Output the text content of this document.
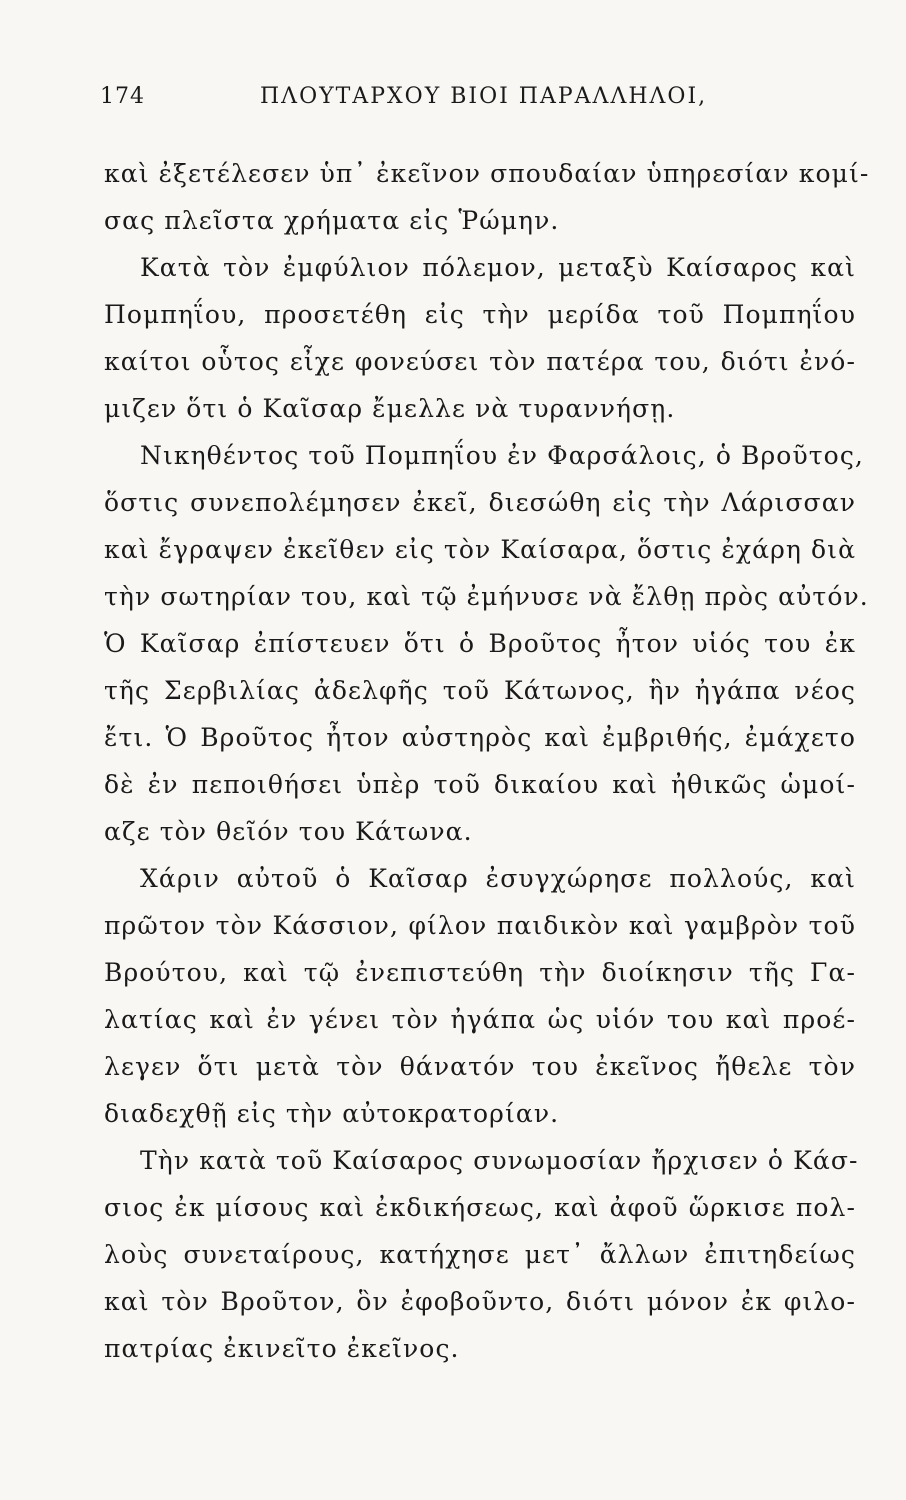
174	ΠΛΟΥΤΑΡΧΟΥ ΒΙΟΙ ΠΑΡΑΛΛΗΛΟΙ,
καὶ ἐξετέλεσεν ὑπ᾽ ἐκεῖνον σπουδαίαν ὑπηρεσίαν κομί-
σας πλεῖστα χρήματα εἰς Ῥώμην.
Κατὰ τὸν ἐμφύλιον πόλεμον, μεταξὺ Καίσαρος καὶ
Πομπηΐου, προσετέθη εἰς τὴν μερίδα τοῦ Πομπηΐου
καίτοι οὗτος εἶχε φονεύσει τὸν πατέρα του, διότι ἐνό-
μιζεν ὅτι ὁ Καῖσαρ ἔμελλε νὰ τυραννήσῃ.
Νικηθέντος τοῦ Πομπηΐου ἐν Φαρσάλοις, ὁ Βροῦτος,
ὅστις συνεπολέμησεν ἐκεῖ, διεσώθη εἰς τὴν Λάρισσαν
καὶ ἔγραψεν ἐκεῖθεν εἰς τὸν Καίσαρα, ὅστις ἐχάρη διὰ
τὴν σωτηρίαν του, καὶ τῷ ἐμήνυσε νὰ ἔλθῃ πρὸς αὐτόν.
Ὁ Καῖσαρ ἐπίστευεν ὅτι ὁ Βροῦτος ἦτον υἱός του ἐκ
τῆς Σερβιλίας ἀδελφῆς τοῦ Κάτωνος, ἣν ἠγάπα νέος
ἔτι. Ὁ Βροῦτος ἦτον αὐστηρὸς καὶ ἐμβριθής, ἐμάχετο
δὲ ἐν πεποιθήσει ὑπὲρ τοῦ δικαίου καὶ ἠθικῶς ὡμοί-
αζε τὸν θεῖόν του Κάτωνα.
Χάριν αὐτοῦ ὁ Καῖσαρ ἐσυγχώρησε πολλούς, καὶ
πρῶτον τὸν Κάσσιον, φίλον παιδικὸν καὶ γαμβρὸν τοῦ
Βρούτου, καὶ τῷ ἐνεπιστεύθη τὴν διοίκησιν τῆς Γα-
λατίας καὶ ἐν γένει τὸν ἠγάπα ὡς υἱόν του καὶ προέ-
λεγεν ὅτι μετὰ τὸν θάνατόν του ἐκεῖνος ἤθελε τὸν
διαδεχθῇ εἰς τὴν αὐτοκρατορίαν.
Τὴν κατὰ τοῦ Καίσαρος συνωμοσίαν ἤρχισεν ὁ Κάσ-
σιος ἐκ μίσους καὶ ἐκδικήσεως, καὶ ἀφοῦ ὥρκισε πολ-
λοὺς συνεταίρους, κατήχησε μετ᾽ ἄλλων ἐπιτηδείως
καὶ τὸν Βροῦτον, ὃν ἐφοβοῦντο, διότι μόνον ἐκ φιλο-
πατρίας ἐκινεῖτο ἐκεῖνος.
